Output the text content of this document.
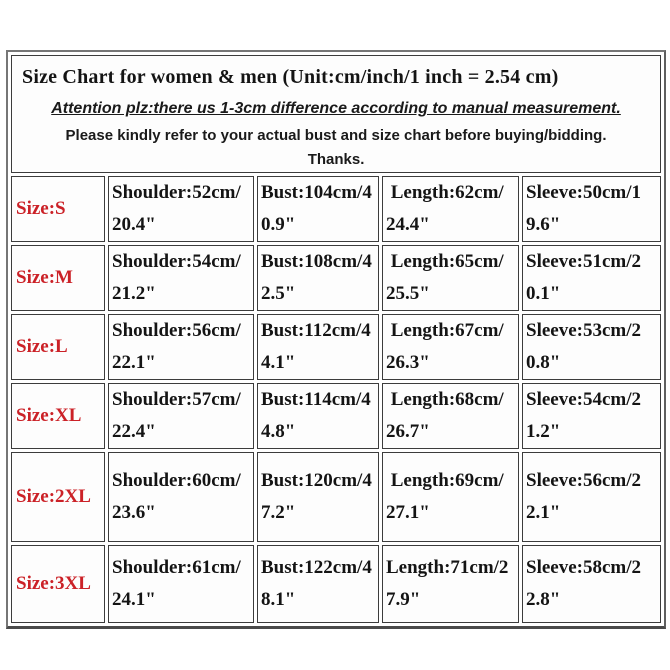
Size Chart for women & men (Unit:cm/inch/1 inch = 2.54 cm)
Attention plz:there us 1-3cm difference according to manual measurement.
Please kindly refer to your actual bust and size chart before buying/bidding.
Thanks.				

Size:S	Shoulder:52cm/20.4"	Bust:104cm/40.9"	Length:62cm/24.4"	Sleeve:50cm/19.6"
Size:M	Shoulder:54cm/21.2"	Bust:108cm/42.5"	Length:65cm/25.5"	Sleeve:51cm/20.1"
Size:L	Shoulder:56cm/22.1"	Bust:112cm/44.1"	Length:67cm/26.3"	Sleeve:53cm/20.8"
Size:XL	Shoulder:57cm/22.4"	Bust:114cm/44.8"	Length:68cm/26.7"	Sleeve:54cm/21.2"
Size:2XL	Shoulder:60cm/23.6"	Bust:120cm/47.2"	Length:69cm/27.1"	Sleeve:56cm/22.1"
Size:3XL	Shoulder:61cm/24.1"	Bust:122cm/48.1"	Length:71cm/27.9"	Sleeve:58cm/22.8"
